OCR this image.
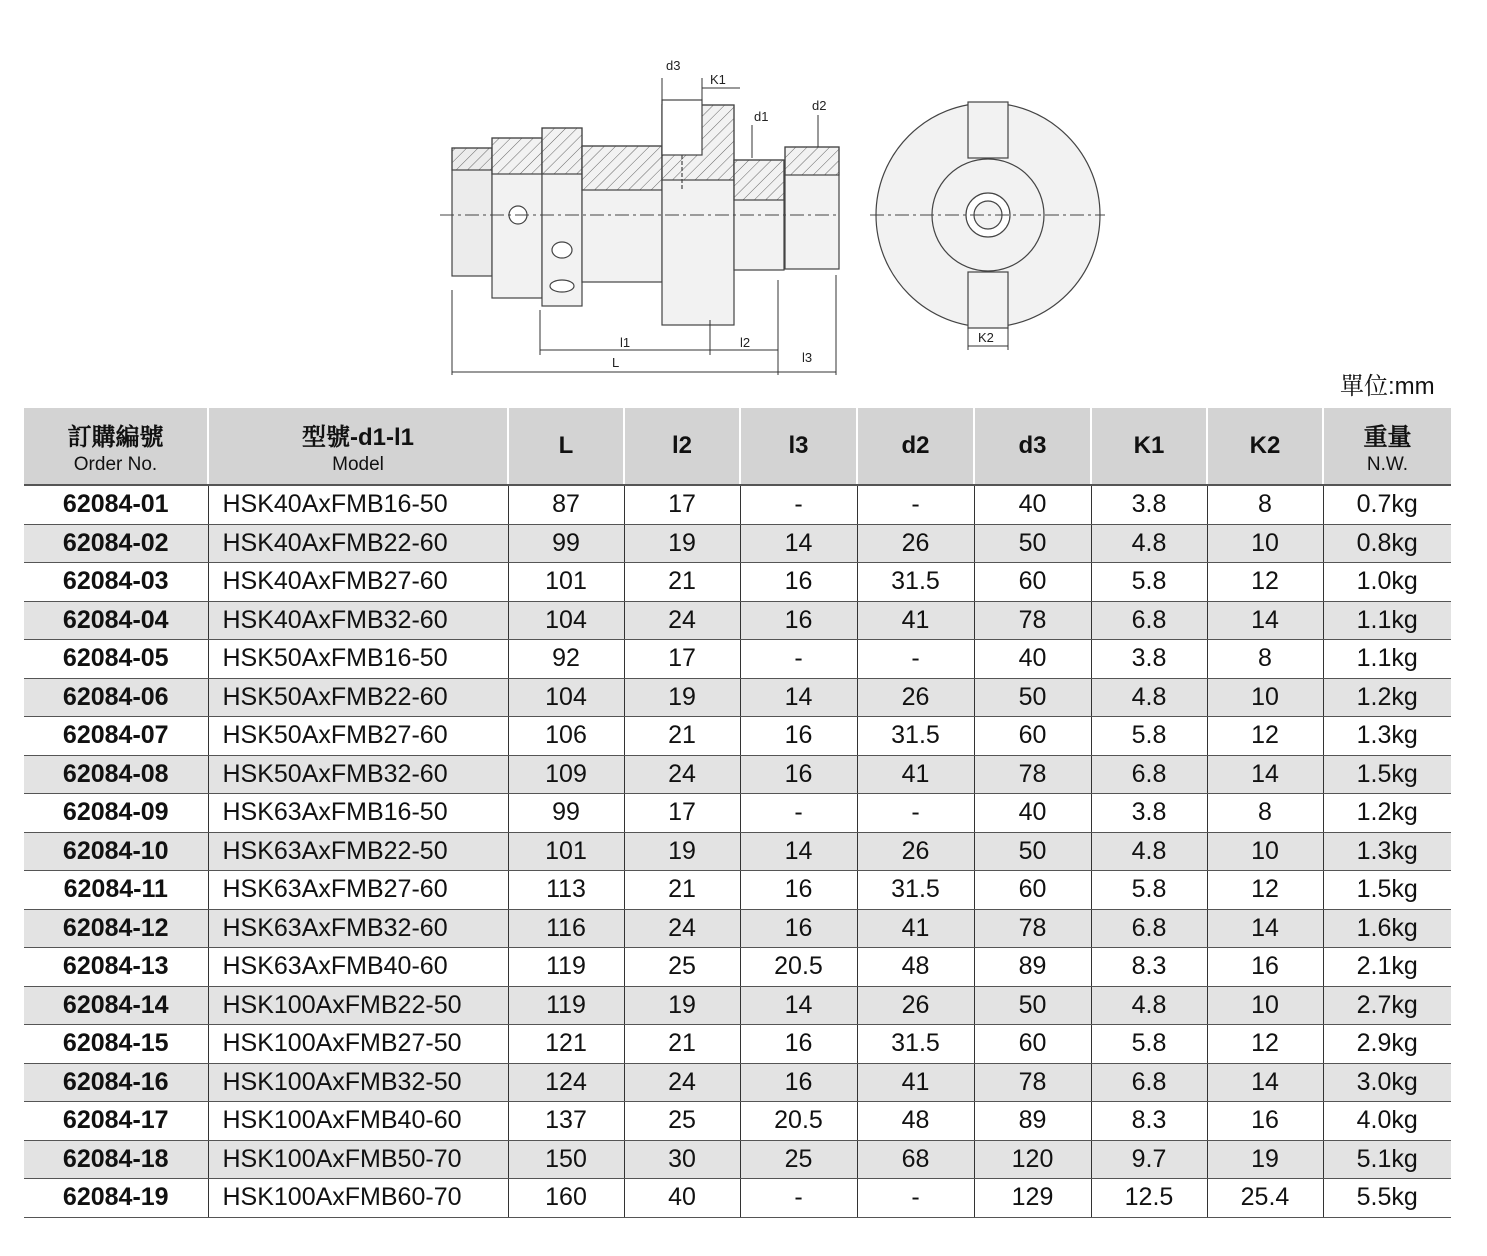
d3
K1
d1
d2
l1	l2
l3
L
K2
單位:mm
訂購編號
Order No.	型號-d1-l1
Model	L	l2	l3	d2	d3	K1	K2	重量
N.W.

62084-01	HSK40AxFMB16-50	87	17	-	-	40	3.8	8	0.7kg
62084-02	HSK40AxFMB22-60	99	19	14	26	50	4.8	10	0.8kg
62084-03	HSK40AxFMB27-60	101	21	16	31.5	60	5.8	12	1.0kg
62084-04	HSK40AxFMB32-60	104	24	16	41	78	6.8	14	1.1kg
62084-05	HSK50AxFMB16-50	92	17	-	-	40	3.8	8	1.1kg
62084-06	HSK50AxFMB22-60	104	19	14	26	50	4.8	10	1.2kg
62084-07	HSK50AxFMB27-60	106	21	16	31.5	60	5.8	12	1.3kg
62084-08	HSK50AxFMB32-60	109	24	16	41	78	6.8	14	1.5kg
62084-09	HSK63AxFMB16-50	99	17	-	-	40	3.8	8	1.2kg
62084-10	HSK63AxFMB22-50	101	19	14	26	50	4.8	10	1.3kg
62084-11	HSK63AxFMB27-60	113	21	16	31.5	60	5.8	12	1.5kg
62084-12	HSK63AxFMB32-60	116	24	16	41	78	6.8	14	1.6kg
62084-13	HSK63AxFMB40-60	119	25	20.5	48	89	8.3	16	2.1kg
62084-14	HSK100AxFMB22-50	119	19	14	26	50	4.8	10	2.7kg
62084-15	HSK100AxFMB27-50	121	21	16	31.5	60	5.8	12	2.9kg
62084-16	HSK100AxFMB32-50	124	24	16	41	78	6.8	14	3.0kg
62084-17	HSK100AxFMB40-60	137	25	20.5	48	89	8.3	16	4.0kg
62084-18	HSK100AxFMB50-70	150	30	25	68	120	9.7	19	5.1kg
62084-19	HSK100AxFMB60-70	160	40	-	-	129	12.5	25.4	5.5kg
